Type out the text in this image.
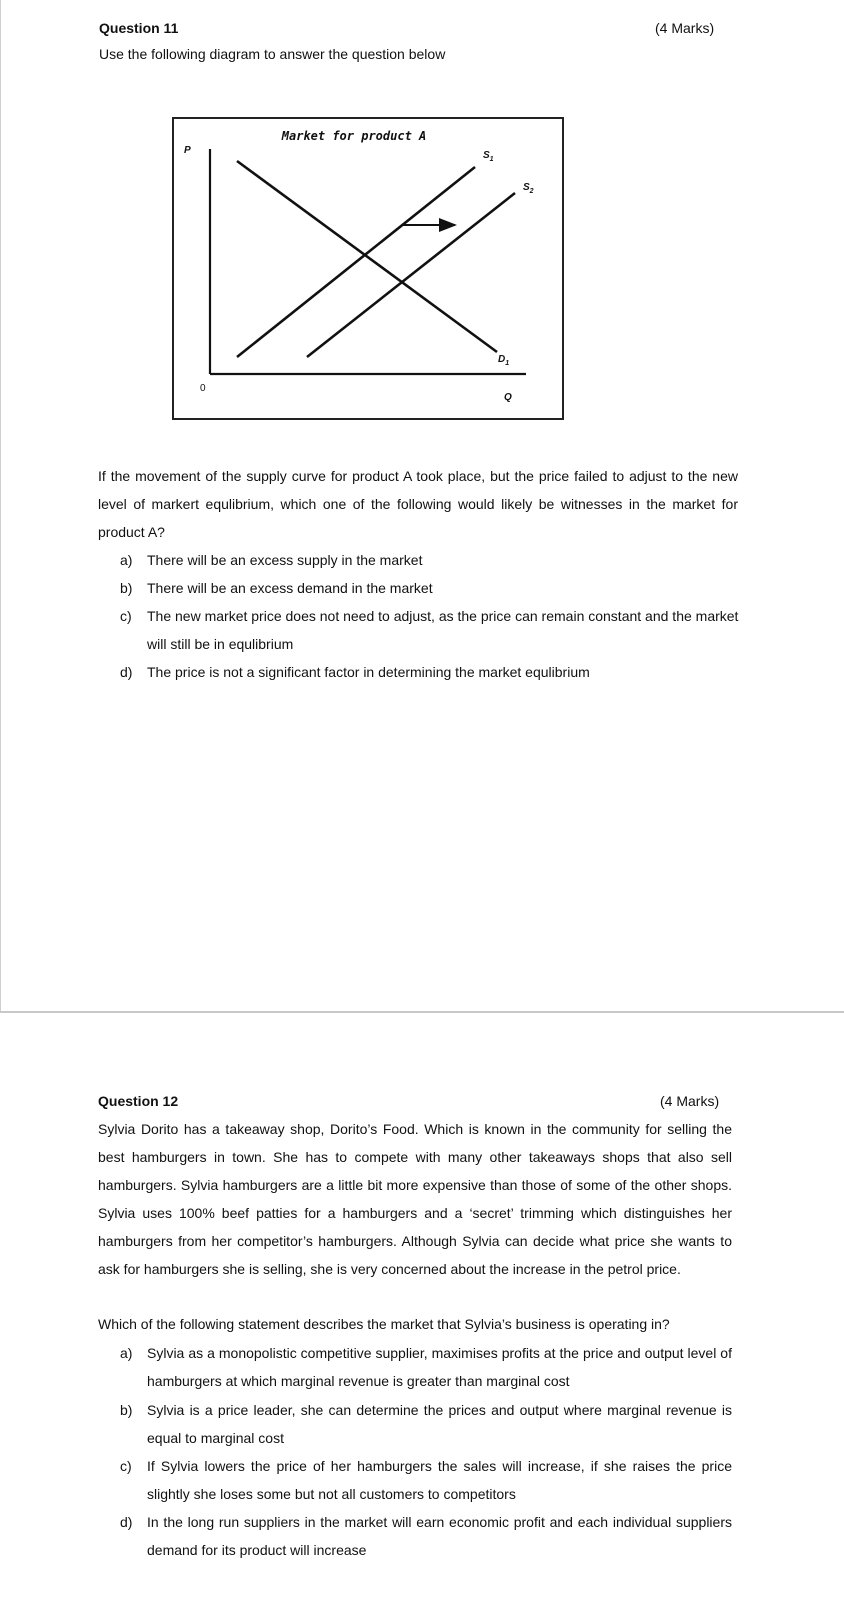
Question 11	(4 Marks)
Use the following diagram to answer the question below
Market for product A
P
0
Q
$S_1$
$S_2$
$D_1$
If the movement of the supply curve for product A took place, but the price failed to adjust to the new level of markert equlibrium, which one of the following would likely be witnesses in the market for product A?
a) There will be an excess supply in the market
b) There will be an excess demand in the market
c) The new market price does not need to adjust, as the price can remain constant and the market will still be in equlibrium
d) The price is not a significant factor in determining the market equlibrium
Question 12	(4 Marks)
Sylvia Dorito has a takeaway shop, Dorito’s Food. Which is known in the community for selling the best hamburgers in town. She has to compete with many other takeaways shops that also sell hamburgers. Sylvia hamburgers are a little bit more expensive than those of some of the other shops. Sylvia uses 100% beef patties for a hamburgers and a ‘secret’ trimming which distinguishes her hamburgers from her competitor’s hamburgers. Although Sylvia can decide what price she wants to ask for hamburgers she is selling, she is very concerned about the increase in the petrol price.
Which of the following statement describes the market that Sylvia’s business is operating in?
a) Sylvia as a monopolistic competitive supplier, maximises profits at the price and output level of hamburgers at which marginal revenue is greater than marginal cost
b) Sylvia is a price leader, she can determine the prices and output where marginal revenue is equal to marginal cost
c) If Sylvia lowers the price of her hamburgers the sales will increase, if she raises the price slightly she loses some but not all customers to competitors
d) In the long run suppliers in the market will earn economic profit and each individual suppliers demand for its product will increase
